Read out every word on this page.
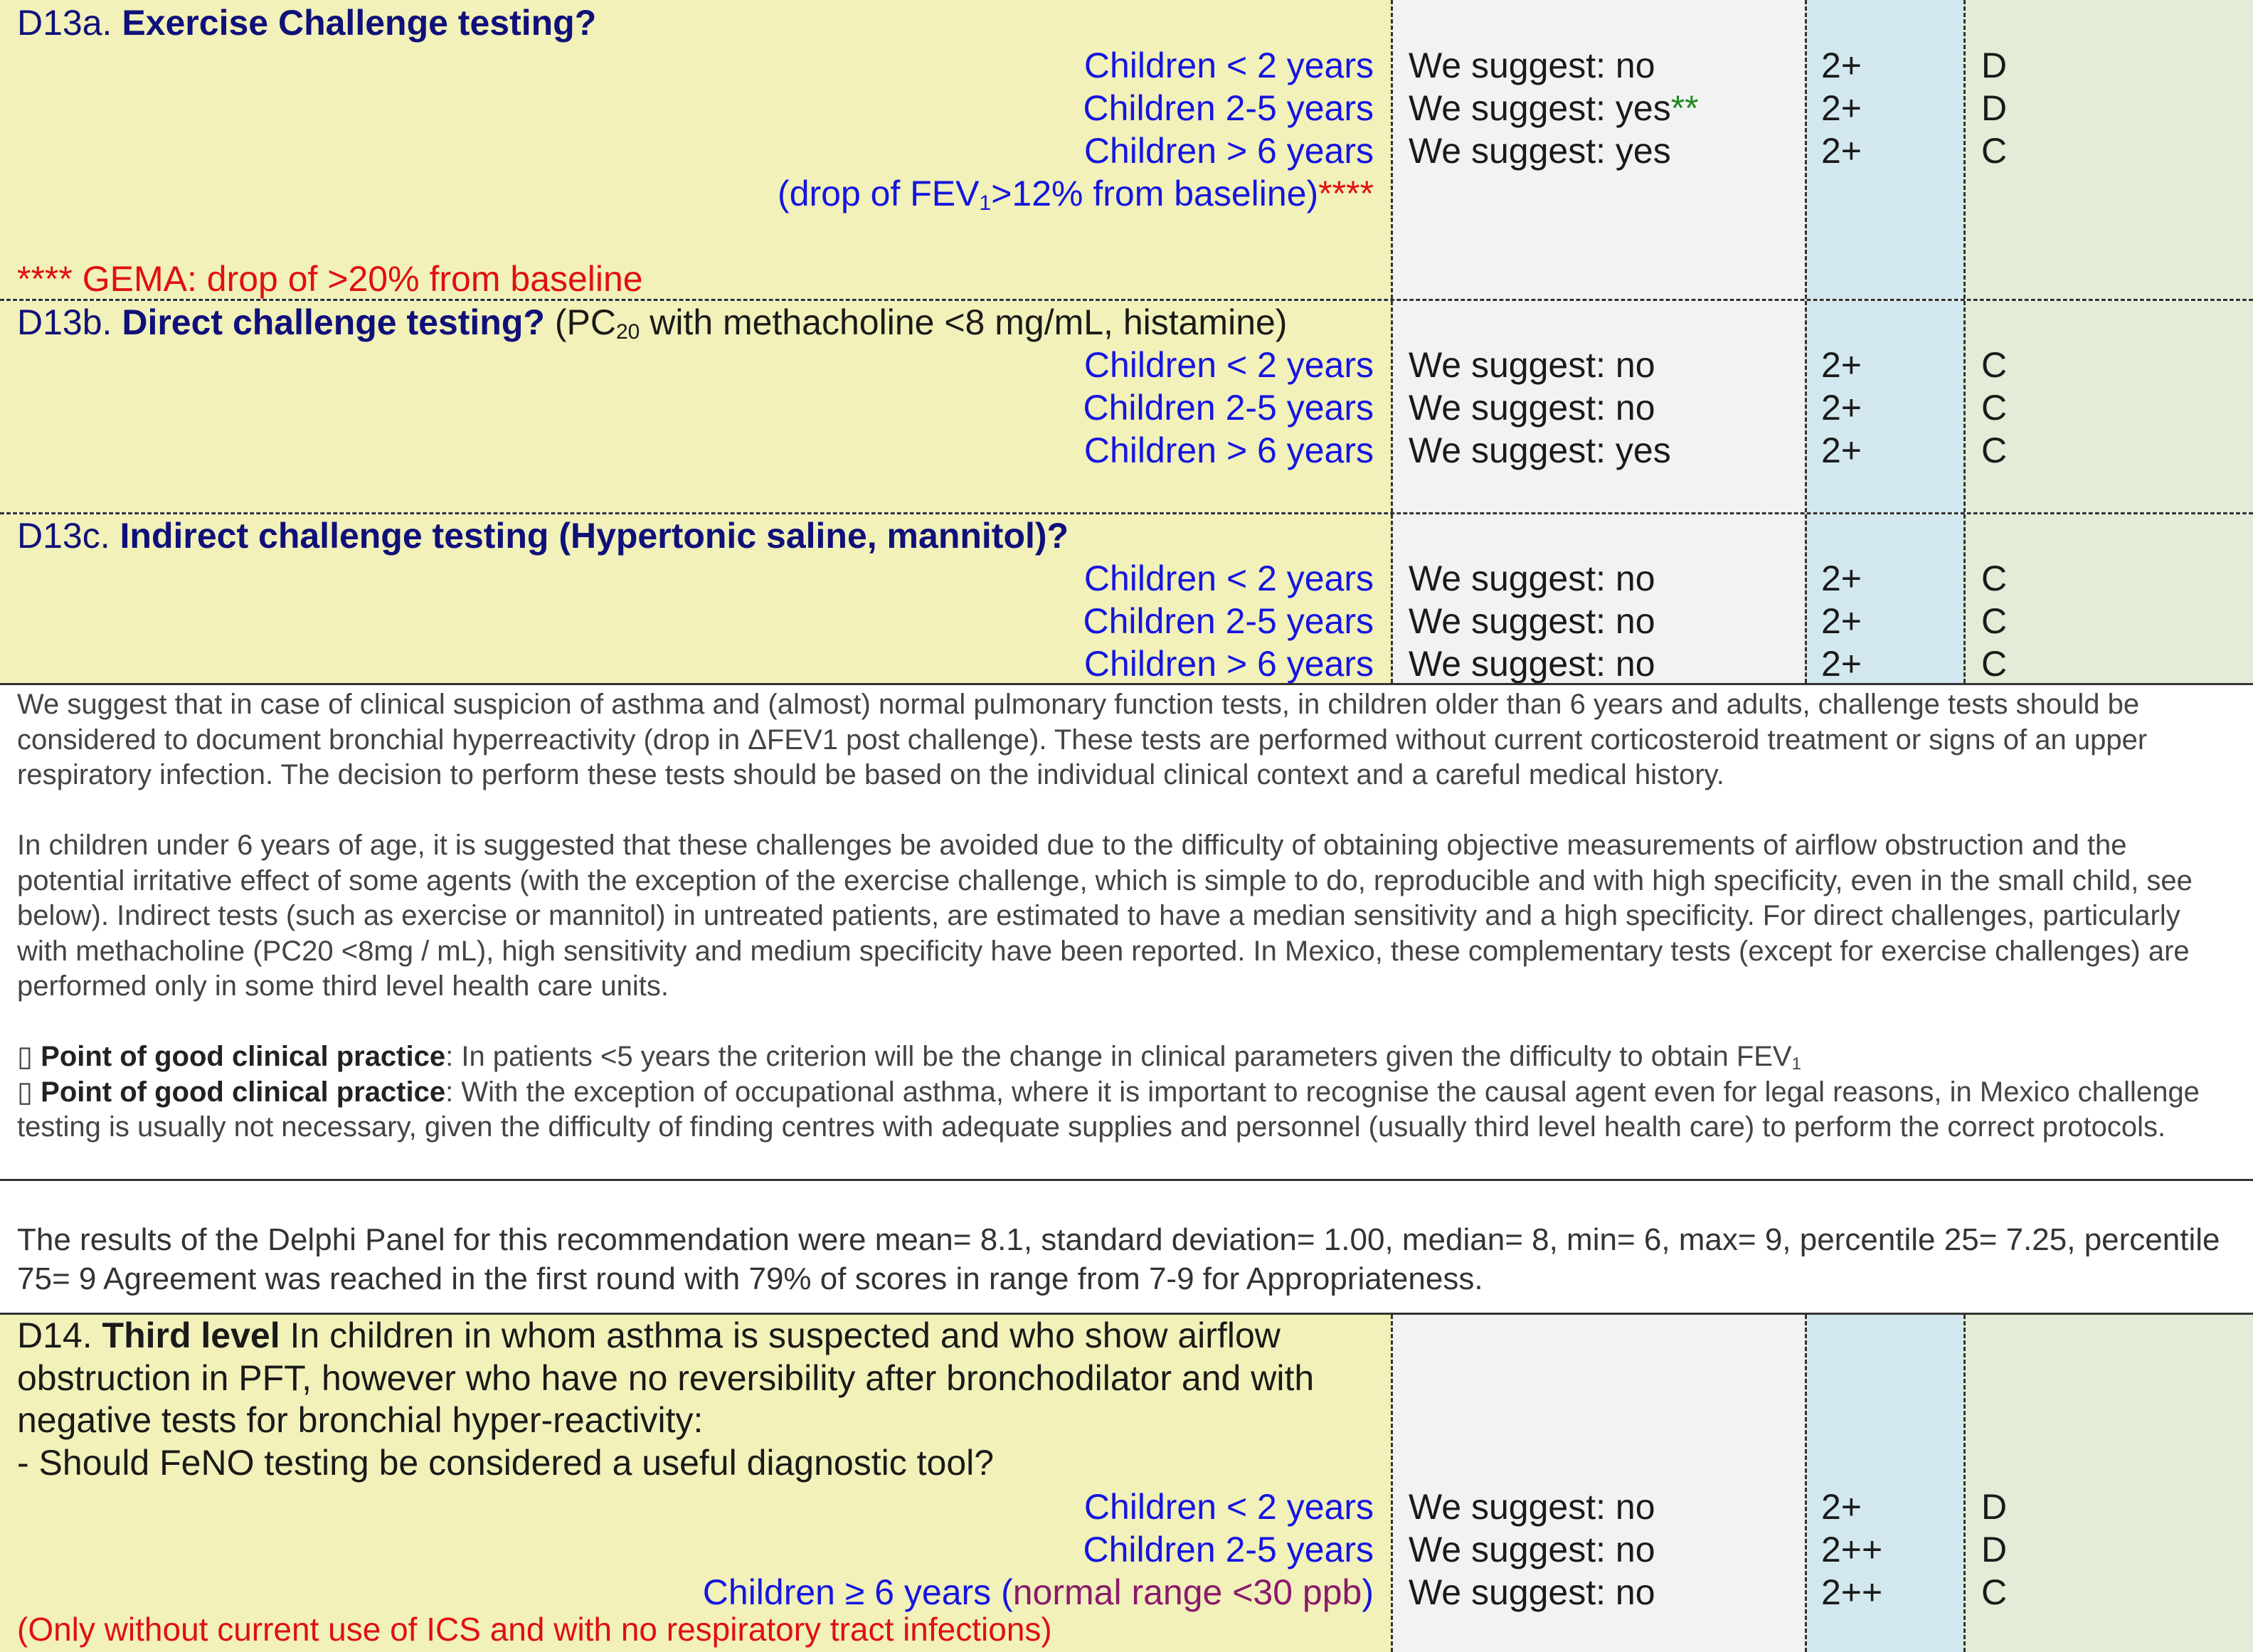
D13a. Exercise Challenge testing?
Children < 2 years
Children 2-5 years
Children > 6 years
(drop of $FEV_1>12\%$ from baseline)****
**** GEMA: drop of >20% from baseline
We suggest: no
We suggest: yes**
We suggest: yes
2+
2+
2+
D
D
C
D13b. Direct challenge testing? ($PC_{20}$ with methacholine <8 mg/mL, histamine)
Children < 2 years
Children 2-5 years
Children > 6 years
We suggest: no
We suggest: no
We suggest: yes
2+
2+
2+
C
C
C
D13c. Indirect challenge testing (Hypertonic saline, mannitol)?
Children < 2 years
Children 2-5 years
Children > 6 years
We suggest: no
We suggest: no
We suggest: no
2+
2+
2+
C
C
C

We suggest that in case of clinical suspicion of asthma and (almost) normal pulmonary function tests, in children older than 6 years and adults, challenge tests should be considered to document bronchial hyperreactivity (drop in ΔFEV1 post challenge). These tests are performed without current corticosteroid treatment or signs of an upper respiratory infection. The decision to perform these tests should be based on the individual clinical context and a careful medical history.

In children under 6 years of age, it is suggested that these challenges be avoided due to the difficulty of obtaining objective measurements of airflow obstruction and the potential irritative effect of some agents (with the exception of the exercise challenge, which is simple to do, reproducible and with high specificity, even in the small child, see below). Indirect tests (such as exercise or mannitol) in untreated patients, are estimated to have a median sensitivity and a high specificity. For direct challenges, particularly with methacholine (PC20 <8mg / mL), high sensitivity and medium specificity have been reported. In Mexico, these complementary tests (except for exercise challenges) are performed only in some third level health care units.

▯ Point of good clinical practice: In patients <5 years the criterion will be the change in clinical parameters given the difficulty to obtain $FEV_1$

▯ Point of good clinical practice: With the exception of occupational asthma, where it is important to recognise the causal agent even for legal reasons, in Mexico challenge testing is usually not necessary, given the difficulty of finding centres with adequate supplies and personnel (usually third level health care) to perform the correct protocols.

The results of the Delphi Panel for this recommendation were mean= 8.1, standard deviation= 1.00, median= 8, min= 6, max= 9, percentile 25= 7.25, percentile 75= 9 Agreement was reached in the first round with 79% of scores in range from 7-9 for Appropriateness.
D14. Third level In children in whom asthma is suspected and who show airflow obstruction in PFT, however who have no reversibility after bronchodilator and with negative tests for bronchial hyper-reactivity:
- Should FeNO testing be considered a useful diagnostic tool?
Children < 2 years
Children 2-5 years
Children ≥ 6 years (normal range <30 ppb)
(Only without current use of ICS and with no respiratory tract infections)
We suggest: no
We suggest: no
We suggest: no
2+
2++
2++
D
D
C
